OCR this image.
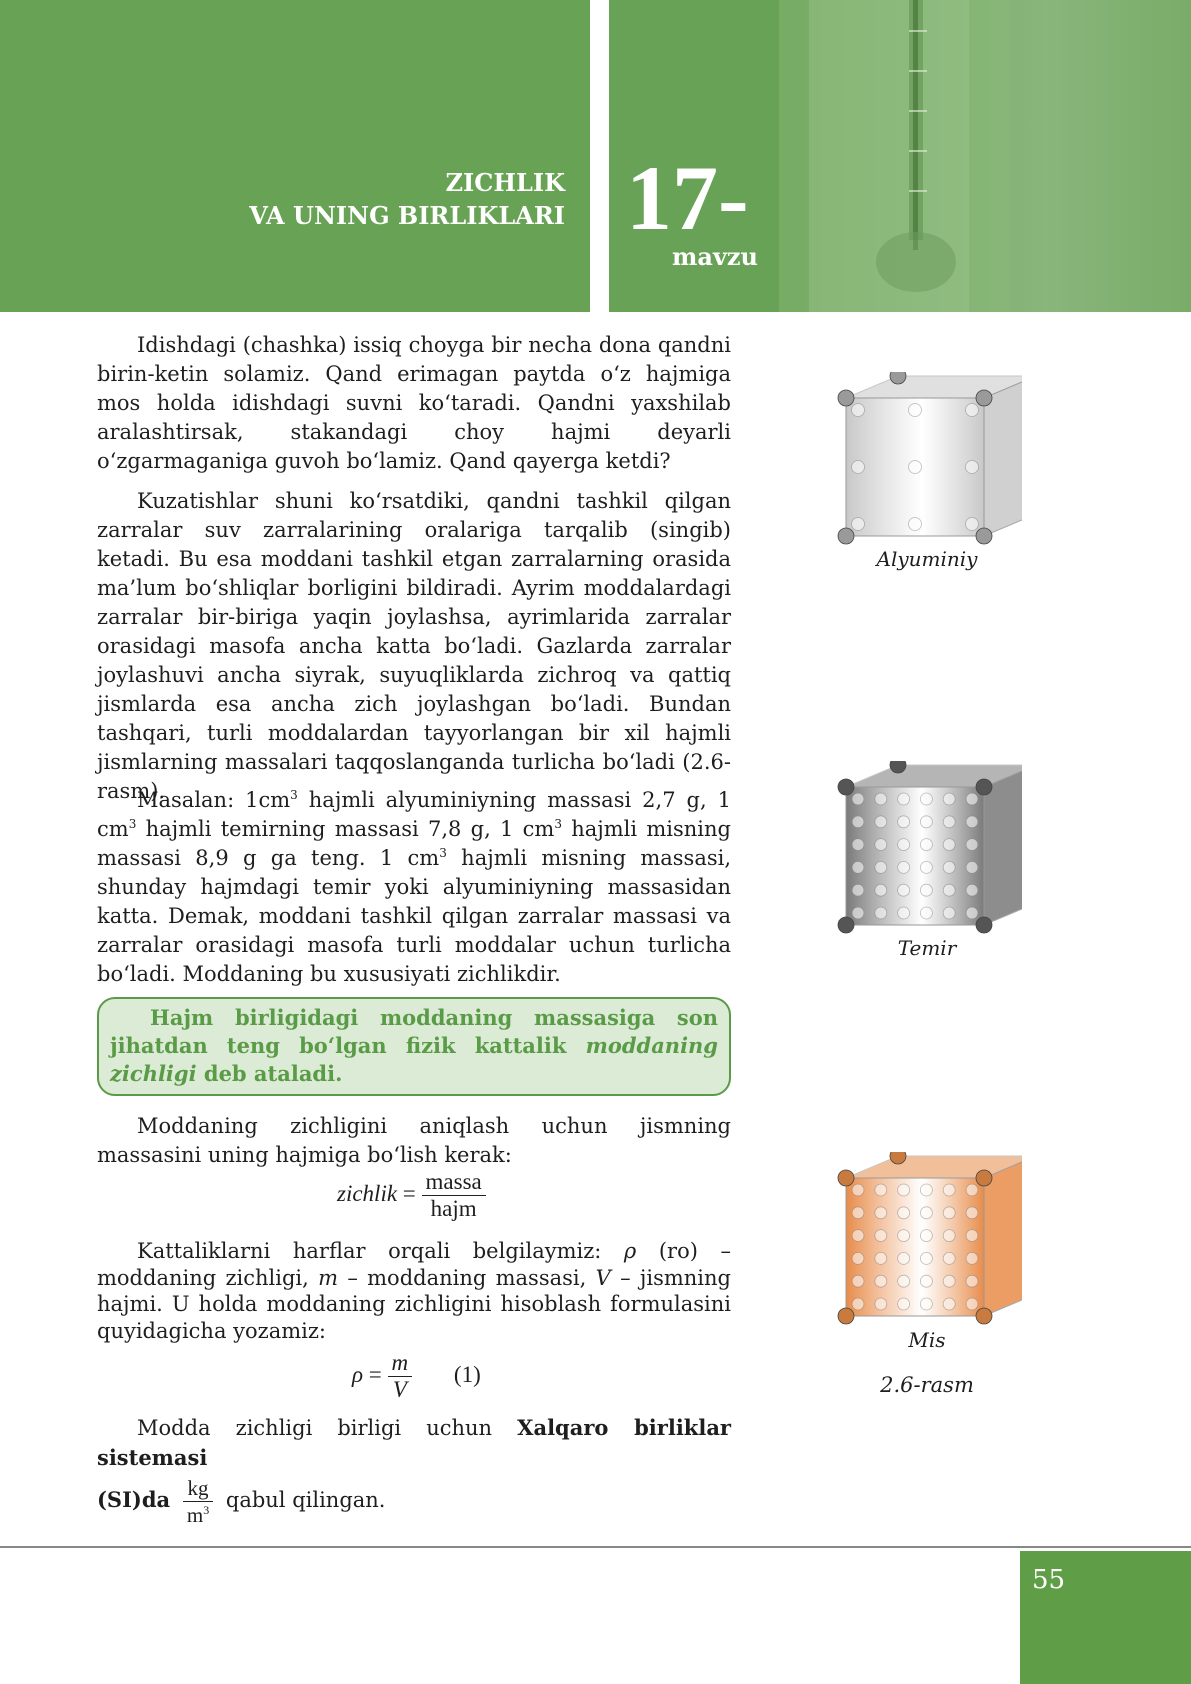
ZICHLIK
VA UNING BIRLIKLARI 17-
mavzu

Idishdagi (chashka) issiq choyga bir necha dona qandni birin-ketin solamiz. Qand erimagan paytda o‘z hajmiga mos holda idishdagi suvni ko‘taradi. Qandni yaxshilab aralashtirsak, stakandagi choy hajmi deyarli o‘zgarmaganiga guvoh bo‘lamiz. Qand qayerga ketdi?

Kuzatishlar shuni ko‘rsatdiki, qandni tashkil qilgan zarralar suv zarralarining oralariga tarqalib (singib) ketadi. Bu esa moddani tashkil etgan zarralarning orasida ma’lum bo‘shliqlar borligini bildiradi. Ayrim moddalardagi zarralar bir-biriga yaqin joylashsa, ayrimlarida zarralar orasidagi masofa ancha katta bo‘ladi. Gazlarda zarralar joylashuvi ancha siyrak, suyuqliklarda zichroq va qattiq jismlarda esa ancha zich joylashgan bo‘ladi. Bundan tashqari, turli moddalardan tayyorlangan bir xil hajmli jismlarning massalari taqqoslanganda turlicha bo‘ladi (2.6-rasm).

Masalan: $1cm^3$ hajmli alyuminiyning massasi 2,7 g, 1 $cm^3$ hajmli temirning massasi 7,8 g, 1 $cm^3$ hajmli misning massasi 8,9 g ga teng. 1 $cm^3$ hajmli misning massasi, shunday hajmdagi temir yoki alyuminiyning massasidan katta. Demak, moddani tashkil qilgan zarralar massasi va zarralar orasidagi masofa turli moddalar uchun turlicha bo‘ladi. Moddaning bu xususiyati zichlikdir.

Hajm birligidagi moddaning massasiga son jihatdan teng bo‘lgan fizik kattalik moddaning zichligi deb ataladi.

Moddaning zichligini aniqlash uchun jismning massasini uning hajmiga bo‘lish kerak:

zichlik = $\frac{\text{massa}}{\text{hajm}}$

Kattaliklarni harflar orqali belgilaymiz: ρ (ro) – moddaning zichligi, m – moddaning massasi, V – jismning hajmi. U holda moddaning zichligini hisoblash formulasini quyidagicha yozamiz:

$\rho = \frac{m}{V} (1)$

Modda zichligi birligi uchun Xalqaro birliklar sistemasi

$(SI)da \frac{kg}{m^3}$ qabul qilingan.

Alyuminiy
Temir
Mis
2.6-rasm
55
